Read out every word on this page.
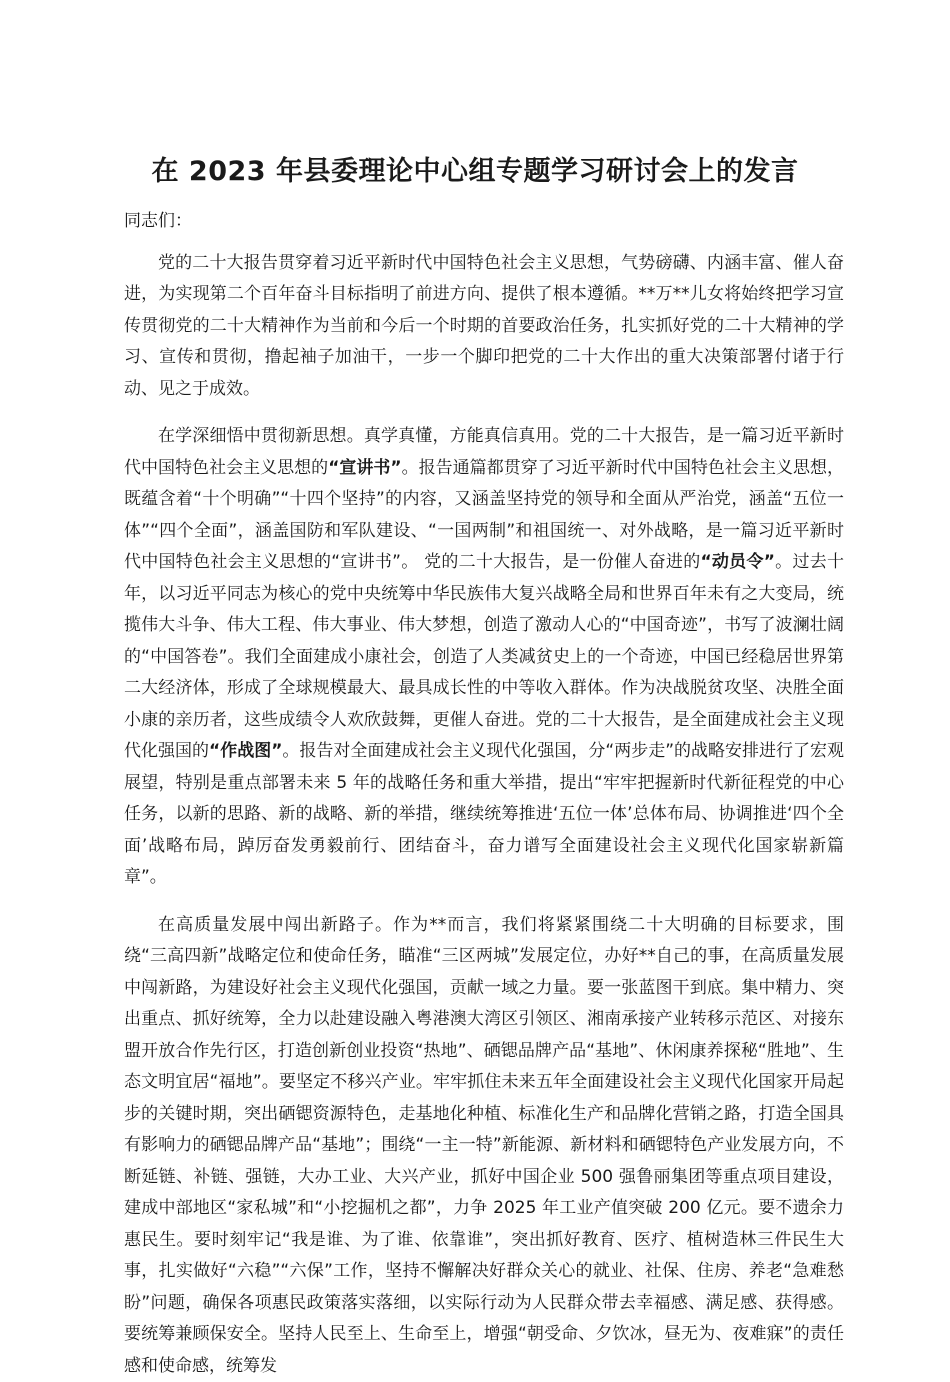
在 2023 年县委理论中心组专题学习研讨会上的发言

同志们：

党的二十大报告贯穿着习近平新时代中国特色社会主义思想，气势磅礴、内涵丰富、催人奋进，为实现第二个百年奋斗目标指明了前进方向、提供了根本遵循。**万**儿女将始终把学习宣传贯彻党的二十大精神作为当前和今后一个时期的首要政治任务，扎实抓好党的二十大精神的学习、宣传和贯彻，撸起袖子加油干，一步一个脚印把党的二十大作出的重大决策部署付诸于行动、见之于成效。

在学深细悟中贯彻新思想。真学真懂，方能真信真用。党的二十大报告，是一篇习近平新时代中国特色社会主义思想的“宣讲书”。报告通篇都贯穿了习近平新时代中国特色社会主义思想，既蕴含着“十个明确”“十四个坚持”的内容，又涵盖坚持党的领导和全面从严治党，涵盖“五位一体”“四个全面”，涵盖国防和军队建设、“一国两制”和祖国统一、对外战略，是一篇习近平新时代中国特色社会主义思想的“宣讲书”。 党的二十大报告，是一份催人奋进的“动员令”。过去十年，以习近平同志为核心的党中央统筹中华民族伟大复兴战略全局和世界百年未有之大变局，统揽伟大斗争、伟大工程、伟大事业、伟大梦想，创造了激动人心的“中国奇迹”，书写了波澜壮阔的“中国答卷”。我们全面建成小康社会，创造了人类减贫史上的一个奇迹，中国已经稳居世界第二大经济体，形成了全球规模最大、最具成长性的中等收入群体。作为决战脱贫攻坚、决胜全面小康的亲历者，这些成绩令人欢欣鼓舞，更催人奋进。党的二十大报告，是全面建成社会主义现代化强国的“作战图”。报告对全面建成社会主义现代化强国，分“两步走”的战略安排进行了宏观展望，特别是重点部署未来 5 年的战略任务和重大举措，提出“牢牢把握新时代新征程党的中心任务，以新的思路、新的战略、新的举措，继续统筹推进‘五位一体’总体布局、协调推进‘四个全面’战略布局，踔厉奋发勇毅前行、团结奋斗，奋力谱写全面建设社会主义现代化国家崭新篇章”。

在高质量发展中闯出新路子。作为**而言，我们将紧紧围绕二十大明确的目标要求，围绕“三高四新”战略定位和使命任务，瞄准“三区两城”发展定位，办好**自己的事，在高质量发展中闯新路，为建设好社会主义现代化强国，贡献一域之力量。要一张蓝图干到底。集中精力、突出重点、抓好统筹，全力以赴建设融入粤港澳大湾区引领区、湘南承接产业转移示范区、对接东盟开放合作先行区，打造创新创业投资“热地”、硒锶品牌产品“基地”、休闲康养探秘“胜地”、生态文明宜居“福地”。要坚定不移兴产业。牢牢抓住未来五年全面建设社会主义现代化国家开局起步的关键时期，突出硒锶资源特色，走基地化种植、标准化生产和品牌化营销之路，打造全国具有影响力的硒锶品牌产品“基地”；围绕“一主一特”新能源、新材料和硒锶特色产业发展方向，不断延链、补链、强链，大办工业、大兴产业，抓好中国企业 500 强鲁丽集团等重点项目建设，建成中部地区“家私城”和“小挖掘机之都”，力争 2025 年工业产值突破 200 亿元。要不遗余力惠民生。要时刻牢记“我是谁、为了谁、依靠谁”，突出抓好教育、医疗、植树造林三件民生大事，扎实做好“六稳”“六保”工作，坚持不懈解决好群众关心的就业、社保、住房、养老“急难愁盼”问题，确保各项惠民政策落实落细，以实际行动为人民群众带去幸福感、满足感、获得感。要统筹兼顾保安全。坚持人民至上、生命至上，增强“朝受命、夕饮冰，昼无为、夜难寐”的责任感和使命感，统筹发
